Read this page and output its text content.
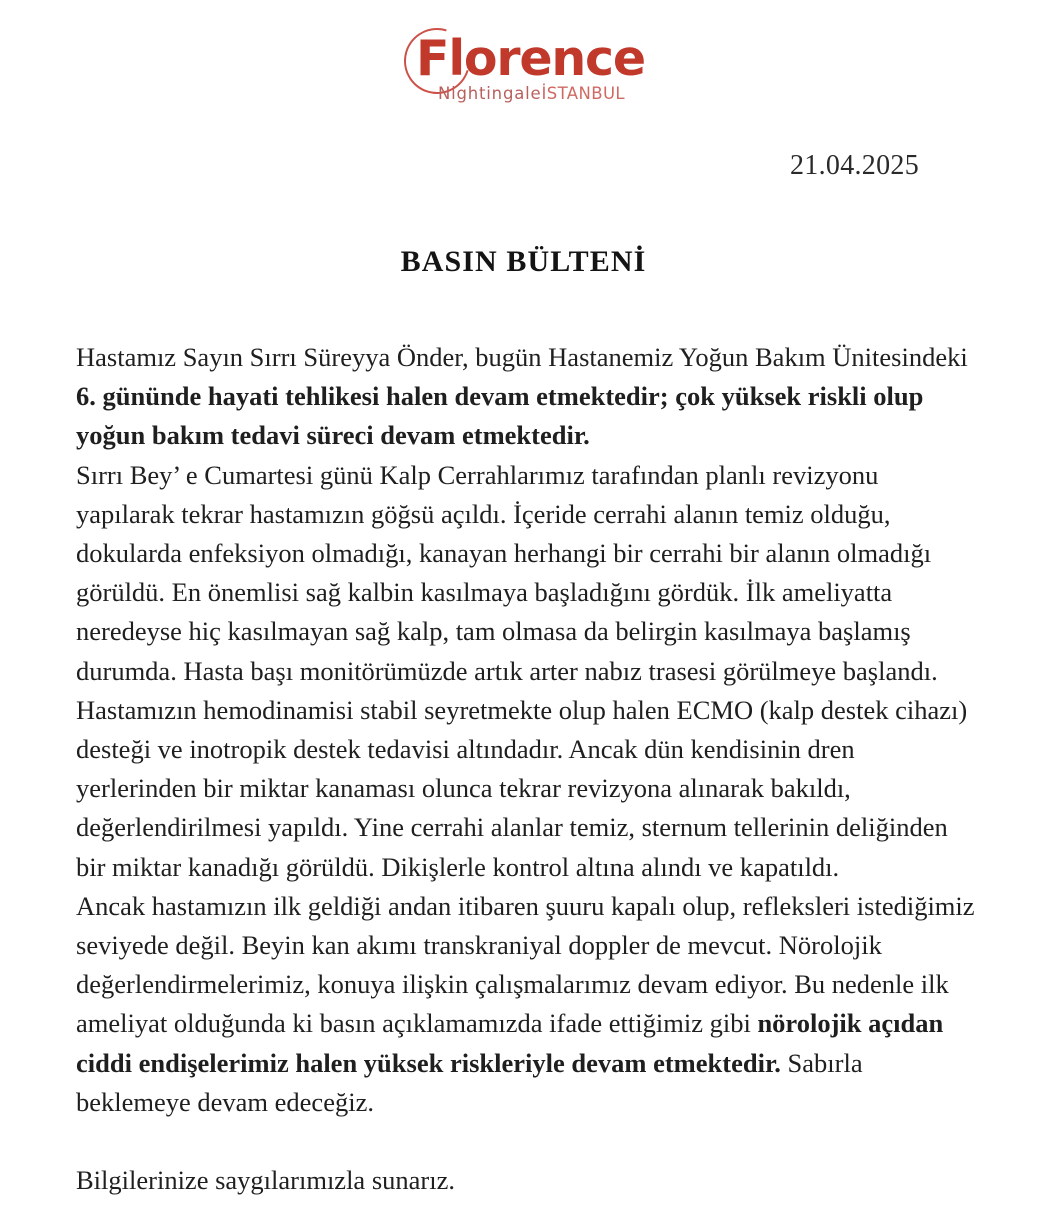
Florence
NightingaleİSTANBUL
21.04.2025
BASIN BÜLTENİ

Hastamız Sayın Sırrı Süreyya Önder, bugün Hastanemiz Yoğun Bakım Ünitesindeki 6. gününde hayati tehlikesi halen devam etmektedir; çok yüksek riskli olup yoğun bakım tedavi süreci devam etmektedir.

Sırrı Bey’ e Cumartesi günü Kalp Cerrahlarımız tarafından planlı revizyonu yapılarak tekrar hastamızın göğsü açıldı. İçeride cerrahi alanın temiz olduğu, dokularda enfeksiyon olmadığı, kanayan herhangi bir cerrahi bir alanın olmadığı görüldü. En önemlisi sağ kalbin kasılmaya başladığını gördük. İlk ameliyatta neredeyse hiç kasılmayan sağ kalp, tam olmasa da belirgin kasılmaya başlamış durumda. Hasta başı monitörümüzde artık arter nabız trasesi görülmeye başlandı. Hastamızın hemodinamisi stabil seyretmekte olup halen ECMO (kalp destek cihazı) desteği ve inotropik destek tedavisi altındadır. Ancak dün kendisinin dren yerlerinden bir miktar kanaması olunca tekrar revizyona alınarak bakıldı, değerlendirilmesi yapıldı. Yine cerrahi alanlar temiz, sternum tellerinin deliğinden bir miktar kanadığı görüldü. Dikişlerle kontrol altına alındı ve kapatıldı.

Ancak hastamızın ilk geldiği andan itibaren şuuru kapalı olup, refleksleri istediğimiz seviyede değil. Beyin kan akımı transkraniyal doppler de mevcut. Nörolojik değerlendirmelerimiz, konuya ilişkin çalışmalarımız devam ediyor. Bu nedenle ilk ameliyat olduğunda ki basın açıklamamızda ifade ettiğimiz gibi nörolojik açıdan ciddi endişelerimiz halen yüksek riskleriyle devam etmektedir. Sabırla beklemeye devam edeceğiz.

Bilgilerinize saygılarımızla sunarız.
